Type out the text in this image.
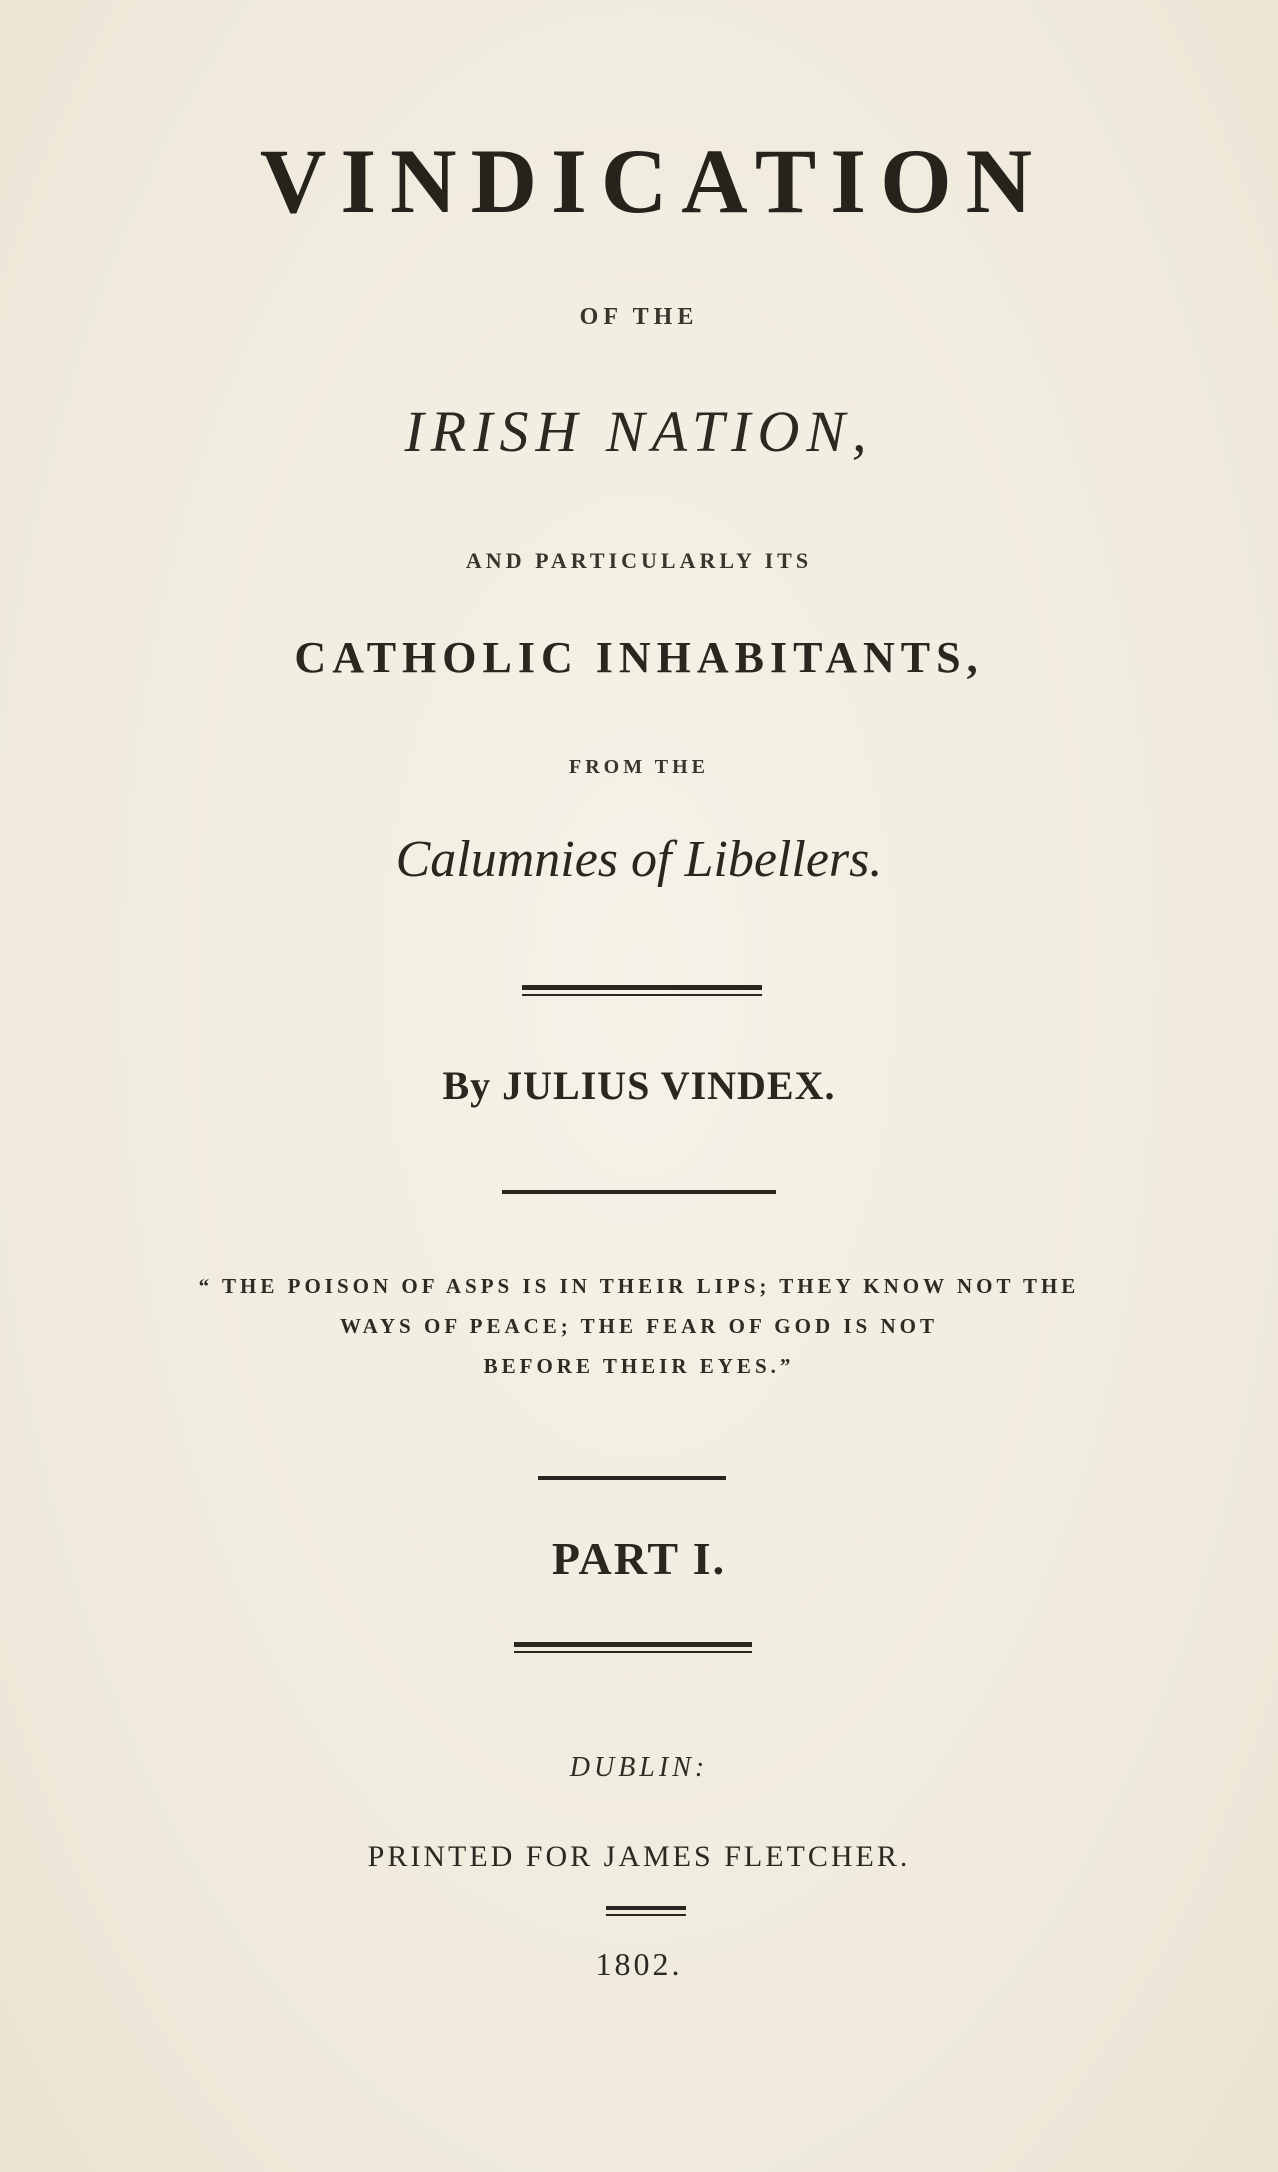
VINDICATION
OF THE
IRISH NATION,
AND PARTICULARLY ITS
CATHOLIC INHABITANTS,
FROM THE
Calumnies of Libellers.
By JULIUS VINDEX.
“ THE POISON OF ASPS IS IN THEIR LIPS; THEY KNOW NOT THE
WAYS OF PEACE; THE FEAR OF GOD IS NOT
BEFORE THEIR EYES.”
PART I.
DUBLIN:
PRINTED FOR JAMES FLETCHER.
1802.
